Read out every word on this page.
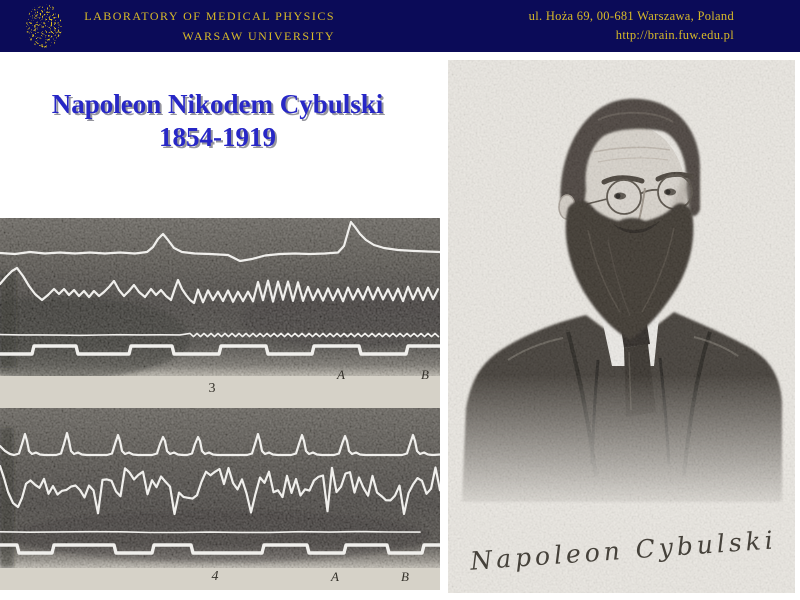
LABORATORY OF MEDICAL PHYSICS
WARSAW UNIVERSITY
ul. Hoża 69, 00-681 Warszawa, Poland
http://brain.fuw.edu.pl
Napoleon Nikodem Cybulski
1854-1919
A	B
3
4	A	B
Napoleon Cybulski
